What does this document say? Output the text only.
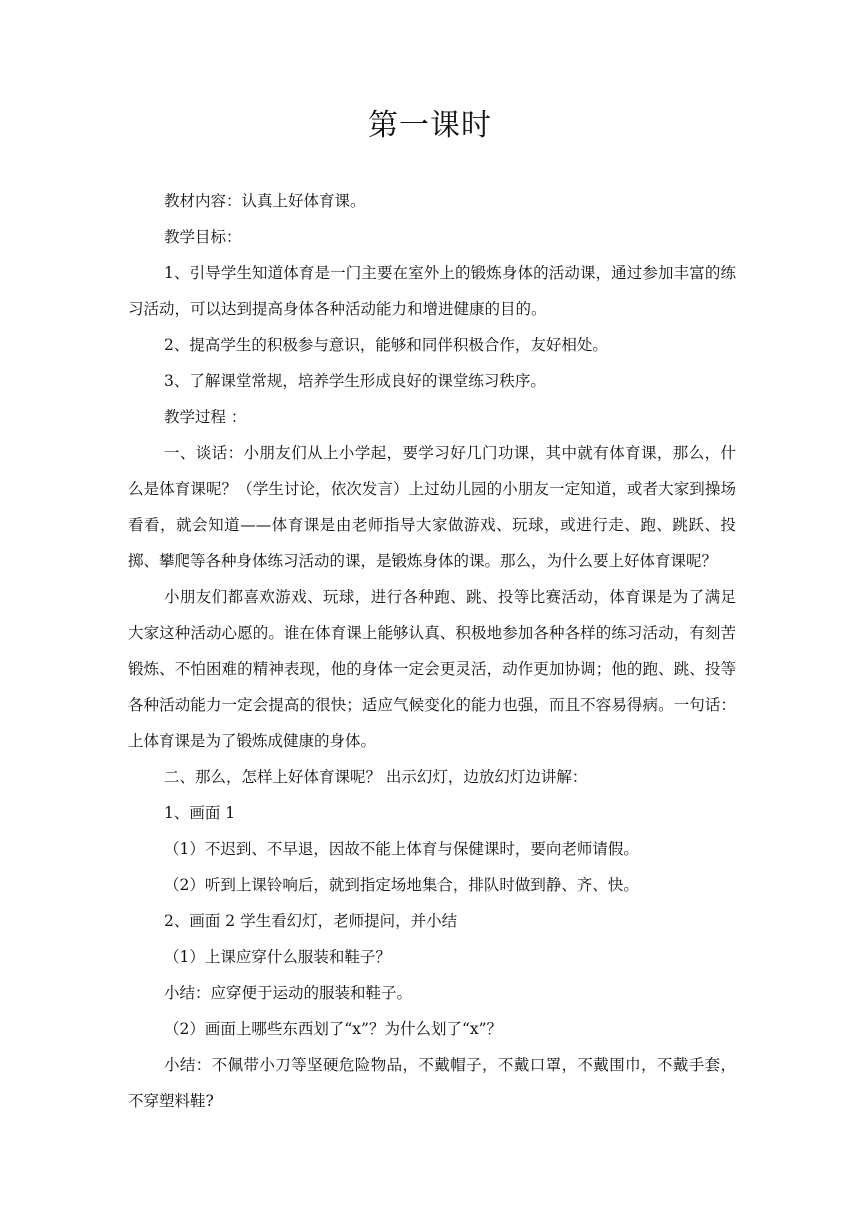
第一课时

教材内容：认真上好体育课。

教学目标：

1、引导学生知道体育是一门主要在室外上的锻炼身体的活动课，通过参加丰富的练习活动，可以达到提高身体各种活动能力和增进健康的目的。

2、提高学生的积极参与意识，能够和同伴积极合作，友好相处。

3、了解课堂常规，培养学生形成良好的课堂练习秩序。

教学过程 ：

一、谈话：小朋友们从上小学起，要学习好几门功课，其中就有体育课，那么，什么是体育课呢？（学生讨论，依次发言）上过幼儿园的小朋友一定知道，或者大家到操场看看，就会知道——体育课是由老师指导大家做游戏、玩球，或进行走、跑、跳跃、投掷、攀爬等各种身体练习活动的课，是锻炼身体的课。那么，为什么要上好体育课呢？

小朋友们都喜欢游戏、玩球，进行各种跑、跳、投等比赛活动，体育课是为了满足大家这种活动心愿的。谁在体育课上能够认真、积极地参加各种各样的练习活动，有刻苦锻炼、不怕困难的精神表现，他的身体一定会更灵活，动作更加协调；他的跑、跳、投等各种活动能力一定会提高的很快；适应气候变化的能力也强，而且不容易得病。一句话：上体育课是为了锻炼成健康的身体。

二、那么，怎样上好体育课呢？ 出示幻灯，边放幻灯边讲解：

1、画面 1

（1）不迟到、不早退，因故不能上体育与保健课时，要向老师请假。

（2）听到上课铃响后，就到指定场地集合，排队时做到静、齐、快。

2、画面 2 学生看幻灯，老师提问，并小结

（1）上课应穿什么服装和鞋子？

小结：应穿便于运动的服装和鞋子。

（2）画面上哪些东西划了“x”？为什么划了“x”？

小结：不佩带小刀等坚硬危险物品，不戴帽子，不戴口罩，不戴围巾，不戴手套，不穿塑料鞋?
